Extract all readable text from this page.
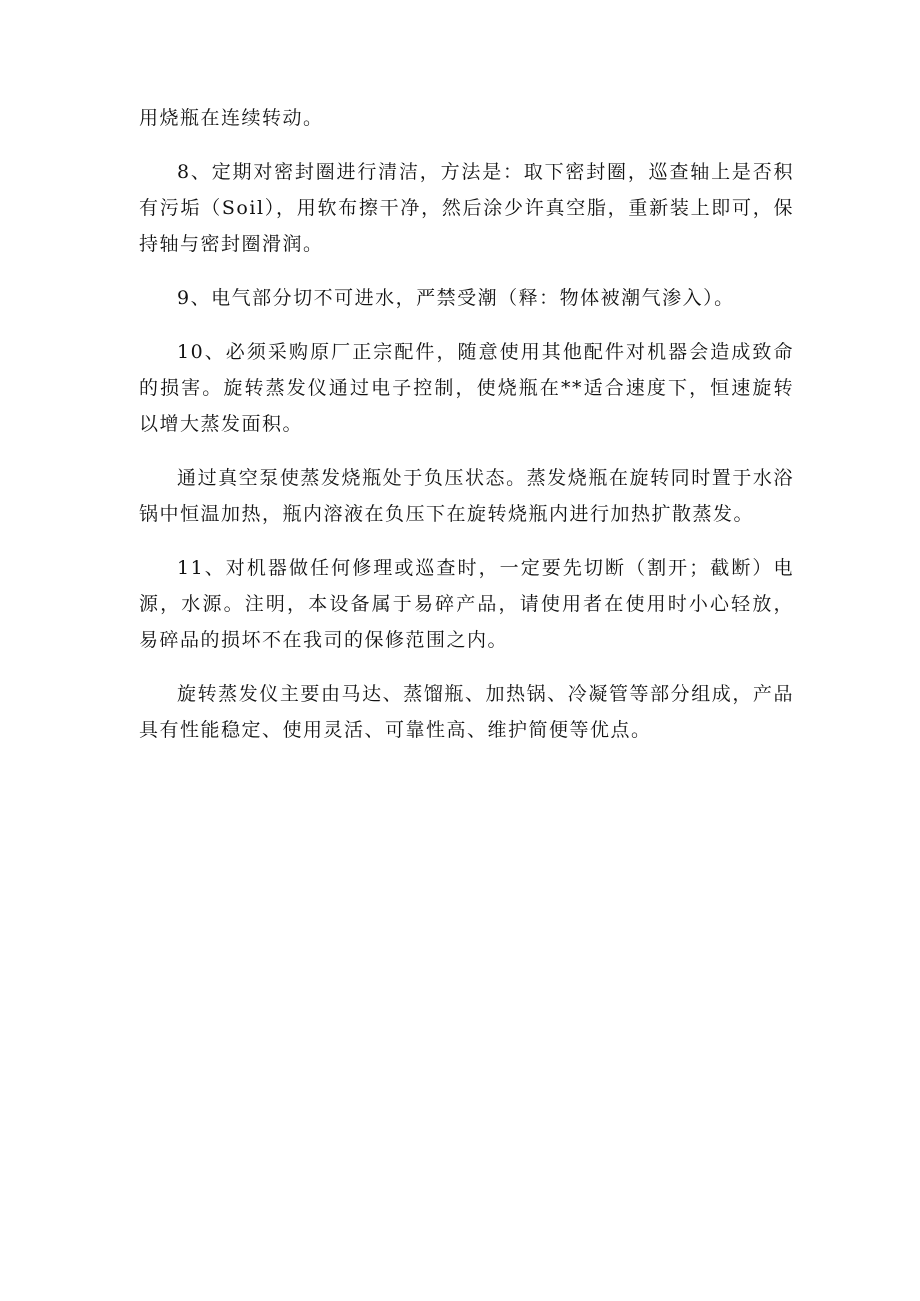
用烧瓶在连续转动。

8、定期对密封圈进行清洁，方法是：取下密封圈，巡查轴上是否积有污垢（Soil），用软布擦干净，然后涂少许真空脂，重新装上即可，保持轴与密封圈滑润。

9、电气部分切不可进水，严禁受潮（释：物体被潮气渗入）。

10、必须采购原厂正宗配件，随意使用其他配件对机器会造成致命的损害。旋转蒸发仪通过电子控制，使烧瓶在**适合速度下，恒速旋转以增大蒸发面积。

通过真空泵使蒸发烧瓶处于负压状态。蒸发烧瓶在旋转同时置于水浴锅中恒温加热，瓶内溶液在负压下在旋转烧瓶内进行加热扩散蒸发。

11、对机器做任何修理或巡查时，一定要先切断（割开；截断）电源，水源。注明，本设备属于易碎产品，请使用者在使用时小心轻放，易碎品的损坏不在我司的保修范围之内。

旋转蒸发仪主要由马达、蒸馏瓶、加热锅、冷凝管等部分组成，产品具有性能稳定、使用灵活、可靠性高、维护简便等优点。
